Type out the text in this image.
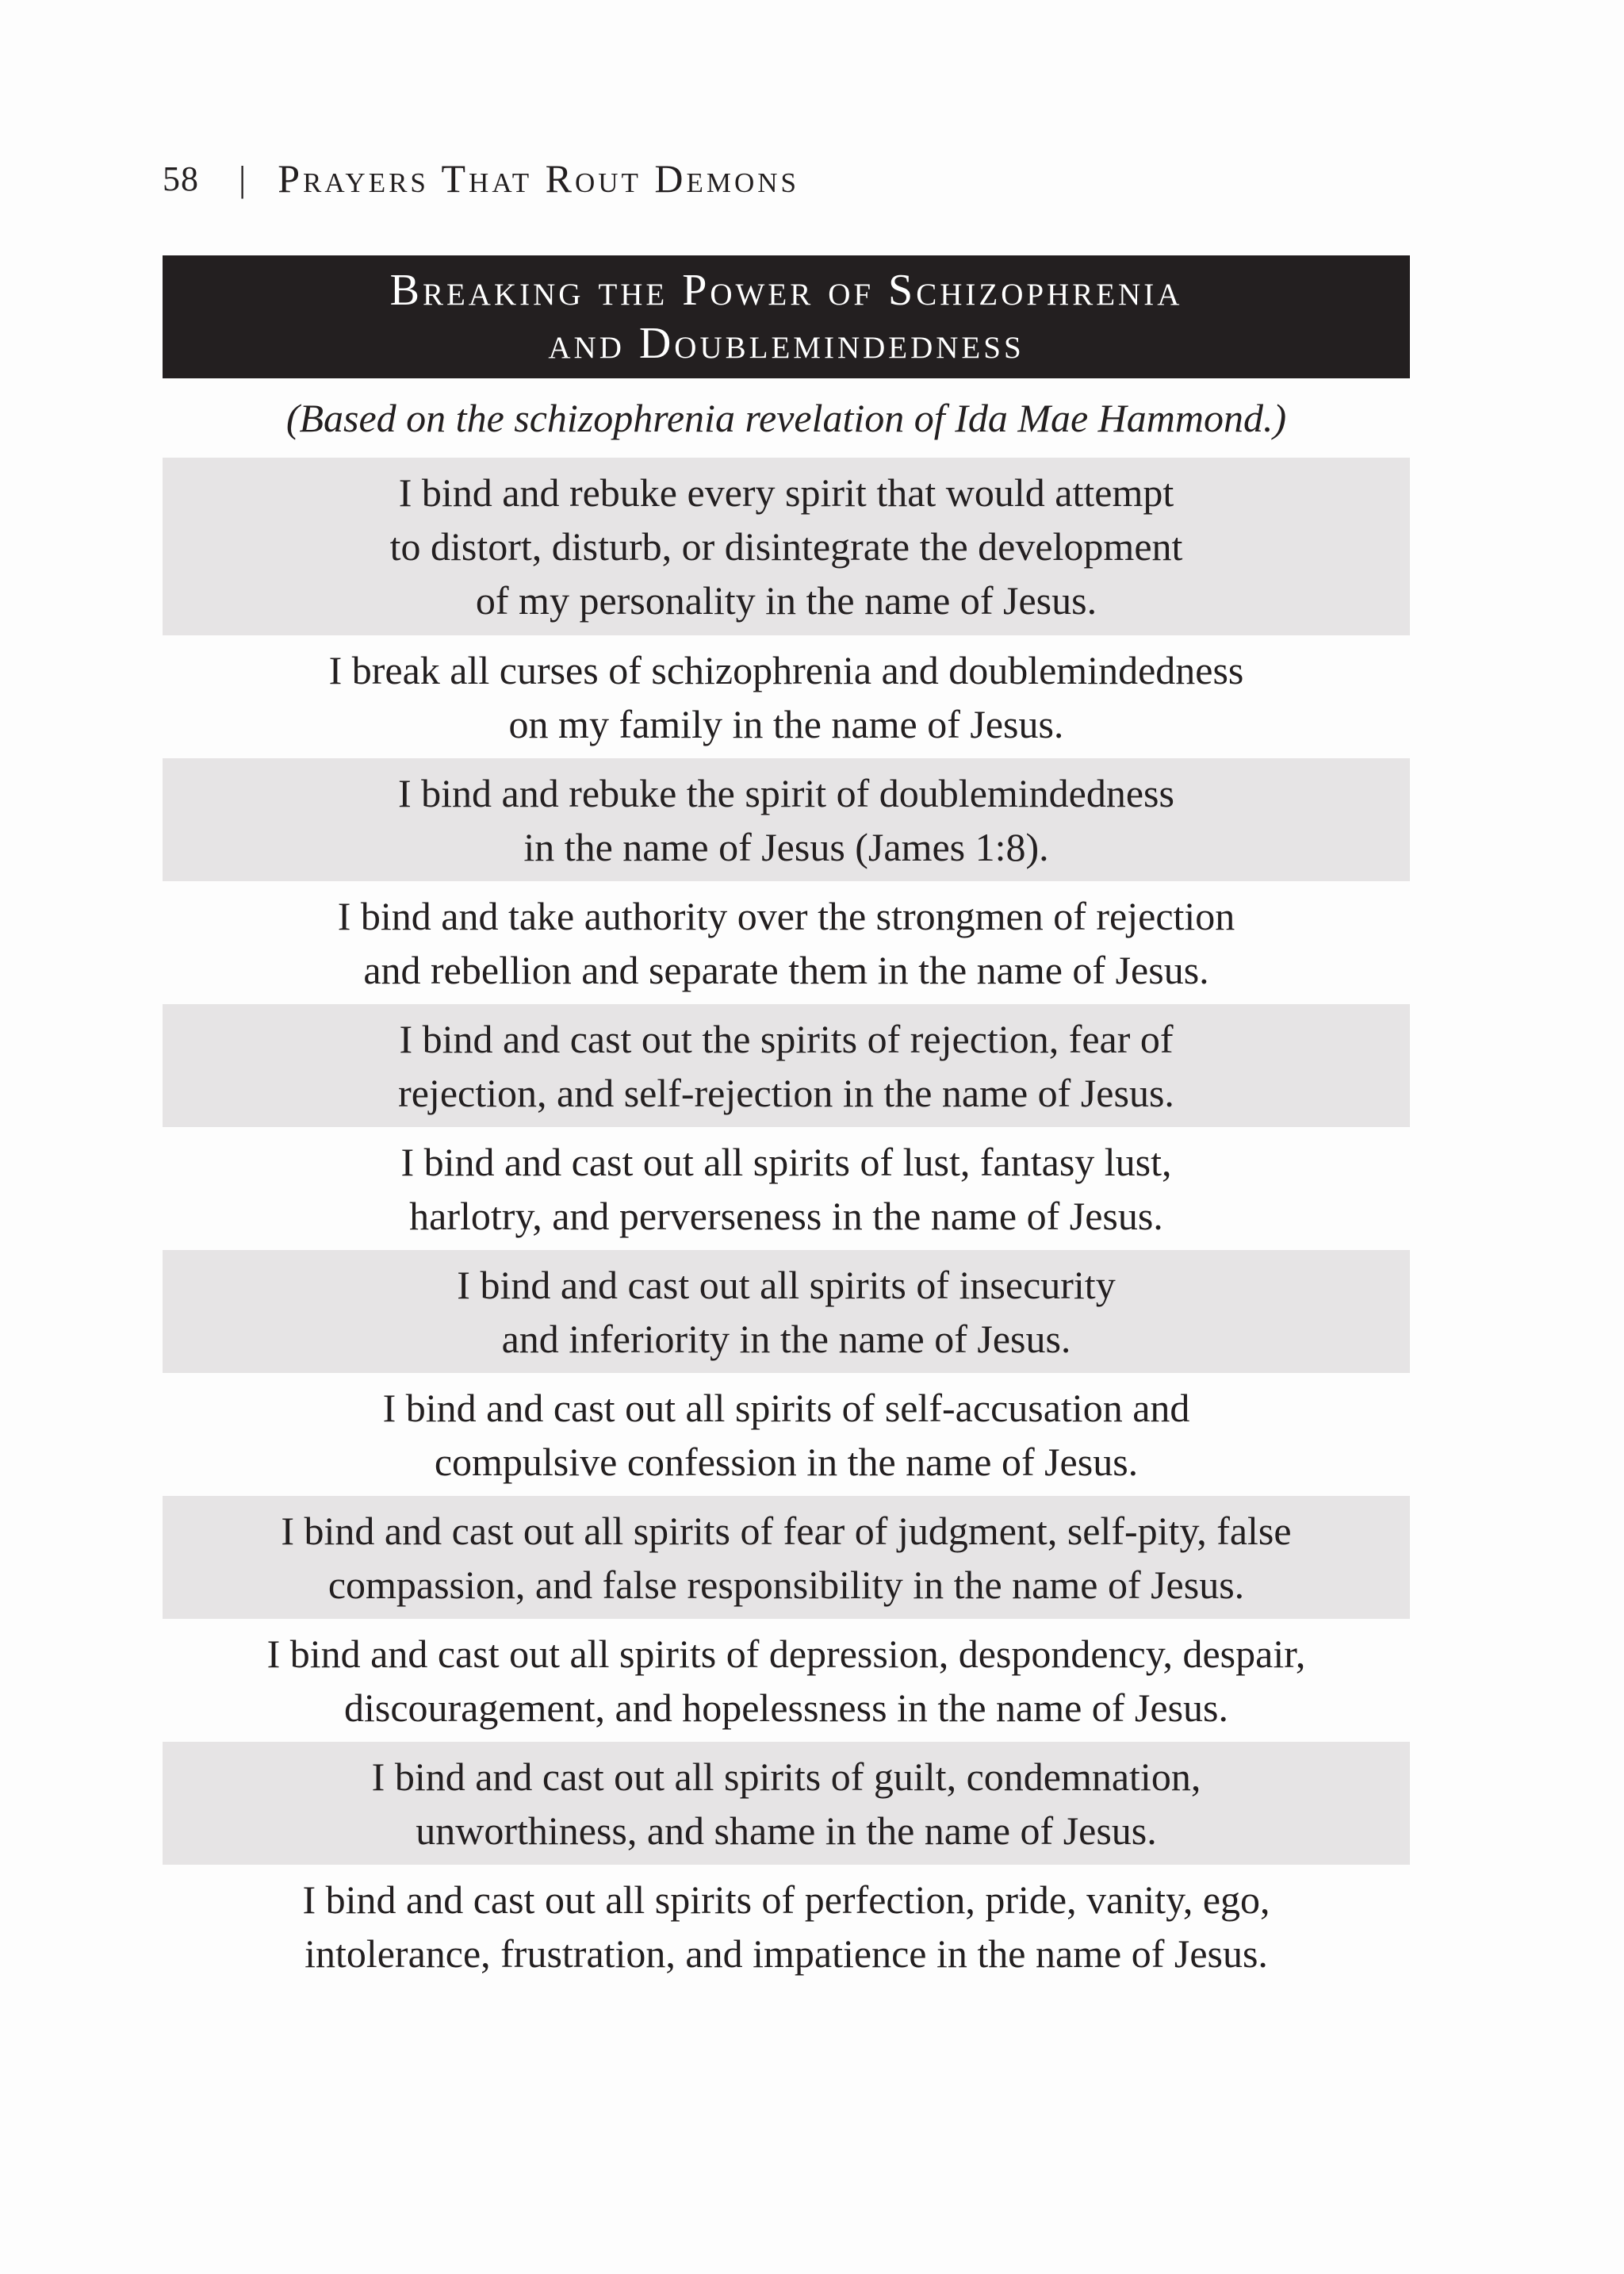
58 | Prayers That Rout Demons
Breaking the Power of Schizophrenia
and Doublemindedness
(Based on the schizophrenia revelation of Ida Mae Hammond.)
I bind and rebuke every spirit that would attempt
to distort, disturb, or disintegrate the development
of my personality in the name of Jesus.
I break all curses of schizophrenia and doublemindedness
on my family in the name of Jesus.
I bind and rebuke the spirit of doublemindedness
in the name of Jesus (James 1:8).
I bind and take authority over the strongmen of rejection
and rebellion and separate them in the name of Jesus.
I bind and cast out the spirits of rejection, fear of
rejection, and self-rejection in the name of Jesus.
I bind and cast out all spirits of lust, fantasy lust,
harlotry, and perverseness in the name of Jesus.
I bind and cast out all spirits of insecurity
and inferiority in the name of Jesus.
I bind and cast out all spirits of self-accusation and
compulsive confession in the name of Jesus.
I bind and cast out all spirits of fear of judgment, self-pity, false
compassion, and false responsibility in the name of Jesus.
I bind and cast out all spirits of depression, despondency, despair,
discouragement, and hopelessness in the name of Jesus.
I bind and cast out all spirits of guilt, condemnation,
unworthiness, and shame in the name of Jesus.
I bind and cast out all spirits of perfection, pride, vanity, ego,
intolerance, frustration, and impatience in the name of Jesus.
